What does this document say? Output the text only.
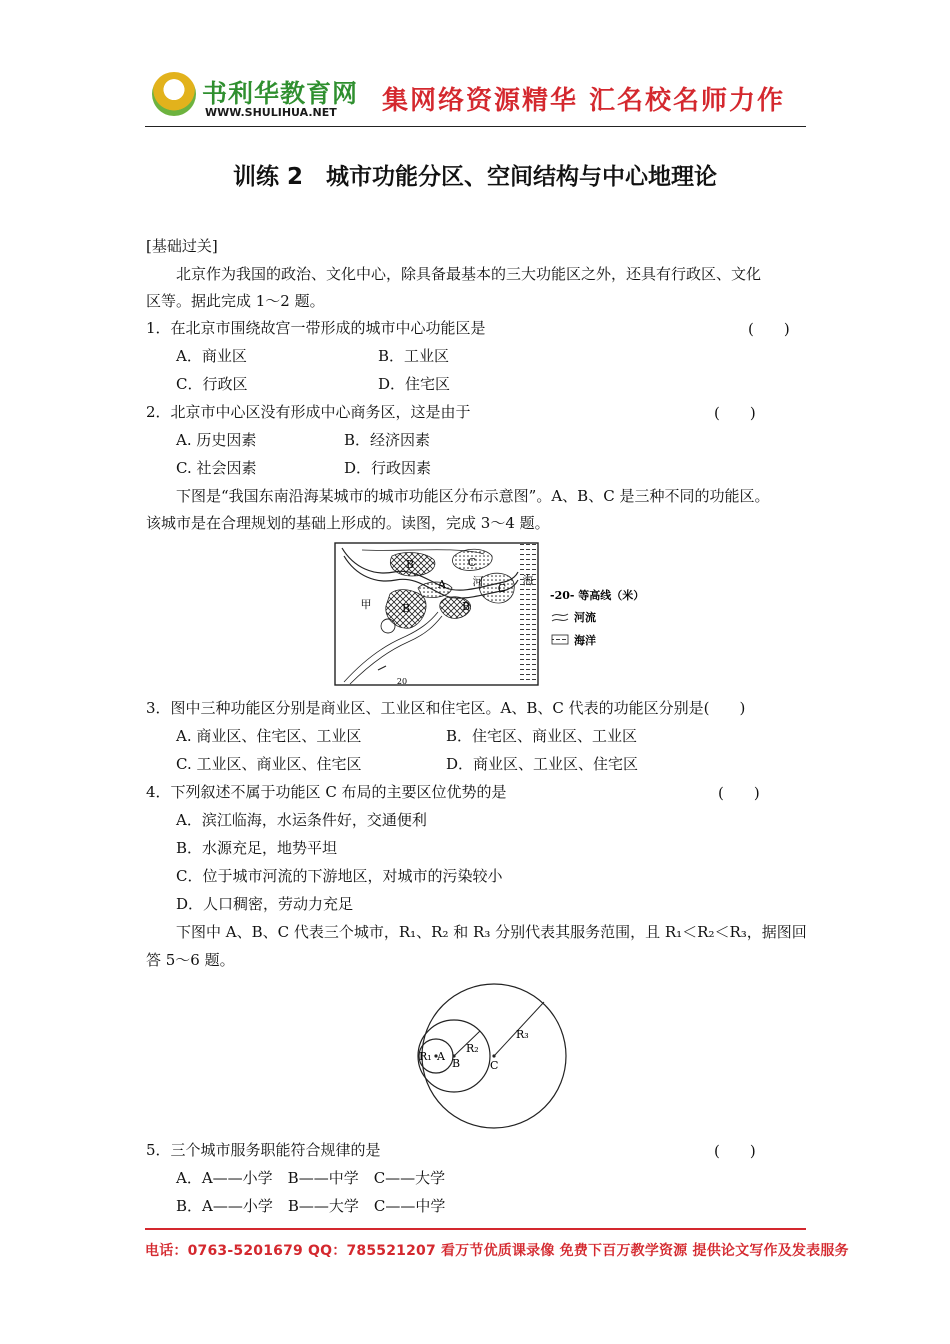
书利华教育网
WWW.SHULIHUA.NET 集网络资源精华 汇名校名师力作
训练 2　城市功能分区、空间结构与中心地理论
[基础过关]
北京作为我国的政治、文化中心，除具备最基本的三大功能区之外，还具有行政区、文化
区等。据此完成 1～2 题。
1．在北京市围绕故宫一带形成的城市中心功能区是	(　　)
A．商业区	B．工业区
C．行政区	D．住宅区
2．北京市中心区没有形成中心商务区，这是由于	(　　)
A. 历史因素	B．经济因素
C. 社会因素	D．行政因素
下图是“我国东南沿海某城市的城市功能区分布示意图”。A、B、C 是三种不同的功能区。
该城市是在合理规划的基础上形成的。读图，完成 3～4 题。
B	C
A 河	海
C
甲	B	B
20
-20- 等高线（米）
河流
海洋
3．图中三种功能区分别是商业区、工业区和住宅区。A、B、C 代表的功能区分别是(　　)
A. 商业区、住宅区、工业区	B．住宅区、商业区、工业区
C. 工业区、商业区、住宅区	D．商业区、工业区、住宅区
4．下列叙述不属于功能区 C 布局的主要区位优势的是	(　　)
A．滨江临海，水运条件好，交通便利
B．水源充足，地势平坦
C．位于城市河流的下游地区，对城市的污染较小
D．人口稠密，劳动力充足
下图中 A、B、C 代表三个城市，R₁、R₂ 和 R₃ 分别代表其服务范围，且 R₁＜R₂＜R₃，据图回
答 5～6 题。
R₁ A
B
R₂
C
R₃
5．三个城市服务职能符合规律的是	(　　)
A．A——小学　B——中学　C——大学
B．A——小学　B——大学　C——中学
电话：0763-5201679 QQ：785521207 看万节优质课录像 免费下百万教学资源 提供论文写作及发表服务
